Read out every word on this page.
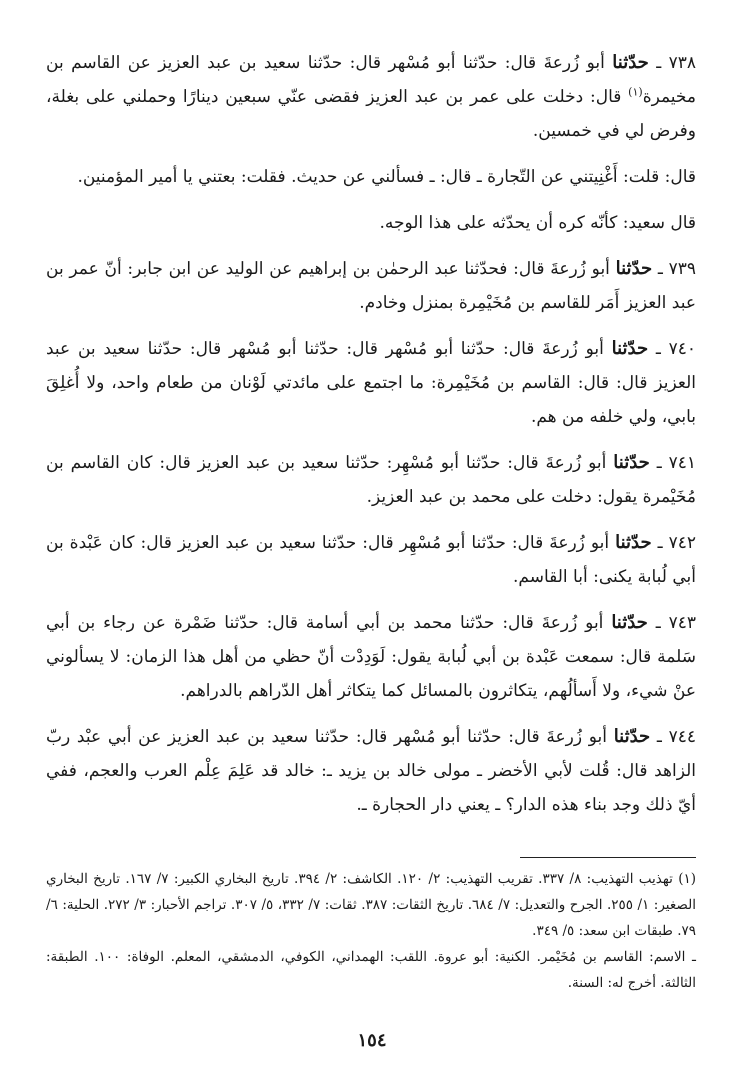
٧٣٨ ـ حدّثنا أبو زُرعةَ قال: حدّثنا أبو مُسْهر قال: حدّثنا سعيد بن عبد العزيز عن القاسم بن مخيمرة$^{(١)}$ قال: دخلت على عمر بن عبد العزيز فقضى عنّي سبعين دينارًا وحملني على بغلة، وفرض لي في خمسين.

قال: قلت: أَغْنِيتني عن التّجارة ـ قال: ـ فسألني عن حديث. فقلت: بعتني يا أمير المؤمنين.

قال سعيد: كأنّه كره أن يحدّثه على هذا الوجه.

٧٣٩ ـ حدّثنا أبو زُرعةَ قال: فحدّثنا عبد الرحمٰن بن إبراهيم عن الوليد عن ابن جابر: أنّ عمر بن عبد العزيز أَمَر للقاسم بن مُخَيْمِرة بمنزل وخادم.

٧٤٠ ـ حدّثنا أبو زُرعةَ قال: حدّثنا أبو مُسْهر قال: حدّثنا أبو مُسْهر قال: حدّثنا سعيد بن عبد العزيز قال: قال: القاسم بن مُخَيْمِرة: ما اجتمع على مائدتي لَوْنان من طعام واحد، ولا أُغلِقَ بابي، ولي خلفه من هم.

٧٤١ ـ حدّثنا أبو زُرعةَ قال: حدّثنا أبو مُسْهِر: حدّثنا سعيد بن عبد العزيز قال: كان القاسم بن مُخَيْمرة يقول: دخلت على محمد بن عبد العزيز.

٧٤٢ ـ حدّثنا أبو زُرعةَ قال: حدّثنا أبو مُسْهِر قال: حدّثنا سعيد بن عبد العزيز قال: كان عَبْدة بن أبي لُبابة يكنى: أبا القاسم.

٧٤٣ ـ حدّثنا أبو زُرعةَ قال: حدّثنا محمد بن أبي أسامة قال: حدّثنا ضَمْرة عن رجاء بن أبي سَلمة قال: سمعت عَبْدة بن أبي لُبابة يقول: لَوَدِدْت أنّ حظي من أهل هذا الزمان: لا يسألوني عنْ شيء، ولا أَسألُهم، يتكاثرون بالمسائل كما يتكاثر أهل الدّراهم بالدراهم.

٧٤٤ ـ حدّثنا أبو زُرعةَ قال: حدّثنا أبو مُسْهر قال: حدّثنا سعيد بن عبد العزيز عن أبي عبْد ربّ الزاهد قال: قُلت لأبي الأخضر ـ مولى خالد بن يزيد ـ: خالد قد عَلِمَ عِلْم العرب والعجم، ففي أيّ ذلك وجد بناء هذه الدار؟ ـ يعني دار الحجارة ـ.

(١) تهذيب التهذيب: ٨/ ٣٣٧. تقريب التهذيب: ٢/ ١٢٠. الكاشف: ٢/ ٣٩٤. تاريخ البخاري الكبير: ٧/ ١٦٧. تاريخ البخاري الصغير: ١/ ٢٥٥. الجرح والتعديل: ٧/ ٦٨٤. تاريخ الثقات: ٣٨٧. ثقات: ٧/ ٣٣٢، ٥/ ٣٠٧. تراجم الأحبار: ٣/ ٢٧٢. الحلية: ٦/ ٧٩. طبقات ابن سعد: ٥/ ٣٤٩.

ـ الاسم: القاسم بن مُخَيْمر. الكنية: أبو عروة. اللقب: الهمداني، الكوفي، الدمشقي، المعلم. الوفاة: ١٠٠. الطبقة: الثالثة. أخرج له: السنة.

١٥٤
